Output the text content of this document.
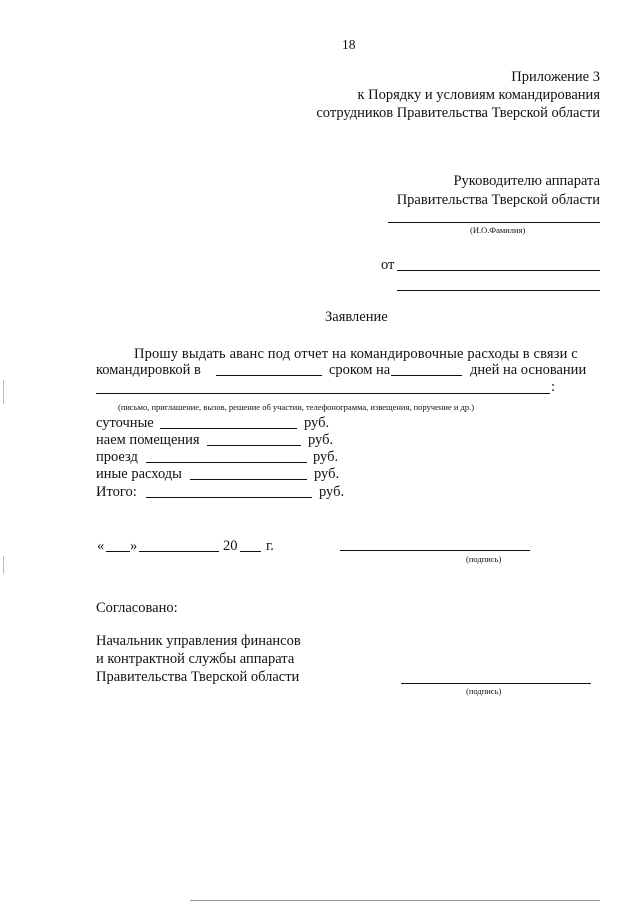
18
Приложение 3
к Порядку и условиям командирования
сотрудников Правительства Тверской области
Руководителю аппарата
Правительства Тверской области
(И.О.Фамилия)
от
Заявление
Прошу выдать аванс под отчет на командировочные расходы в связи с
командировкой в	сроком на	дней на основании
:
(письмо, приглашение, вызов, решение об участии, телефонограмма, извещения, поручение и др.)
суточные	руб.
наем помещения	руб.
проезд	руб.
иные расходы	руб.
Итого:	руб.
« »	20 г.
(подпись)
Согласовано:
Начальник управления финансов
и контрактной службы аппарата
Правительства Тверской области
(подпись)
